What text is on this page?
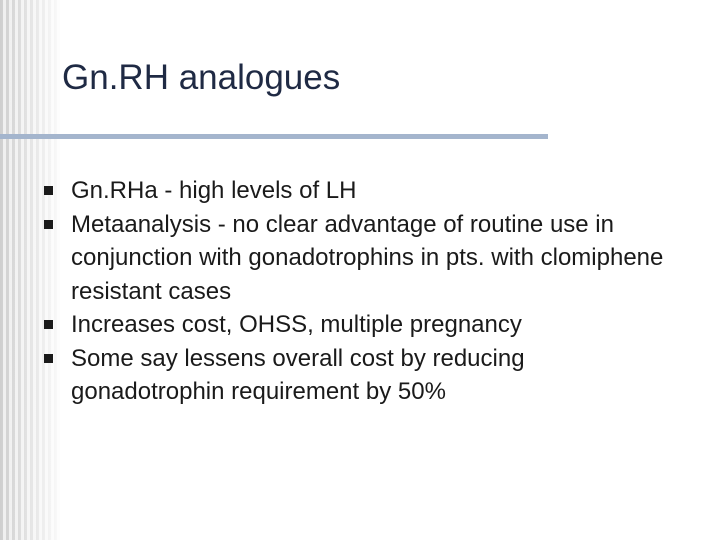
Gn.RH analogues
Gn.RHa - high levels of LH
Metaanalysis - no clear advantage of routine use in conjunction with gonadotrophins in pts. with clomiphene resistant cases
Increases cost, OHSS, multiple pregnancy
Some say lessens overall cost by reducing gonadotrophin requirement by 50%
